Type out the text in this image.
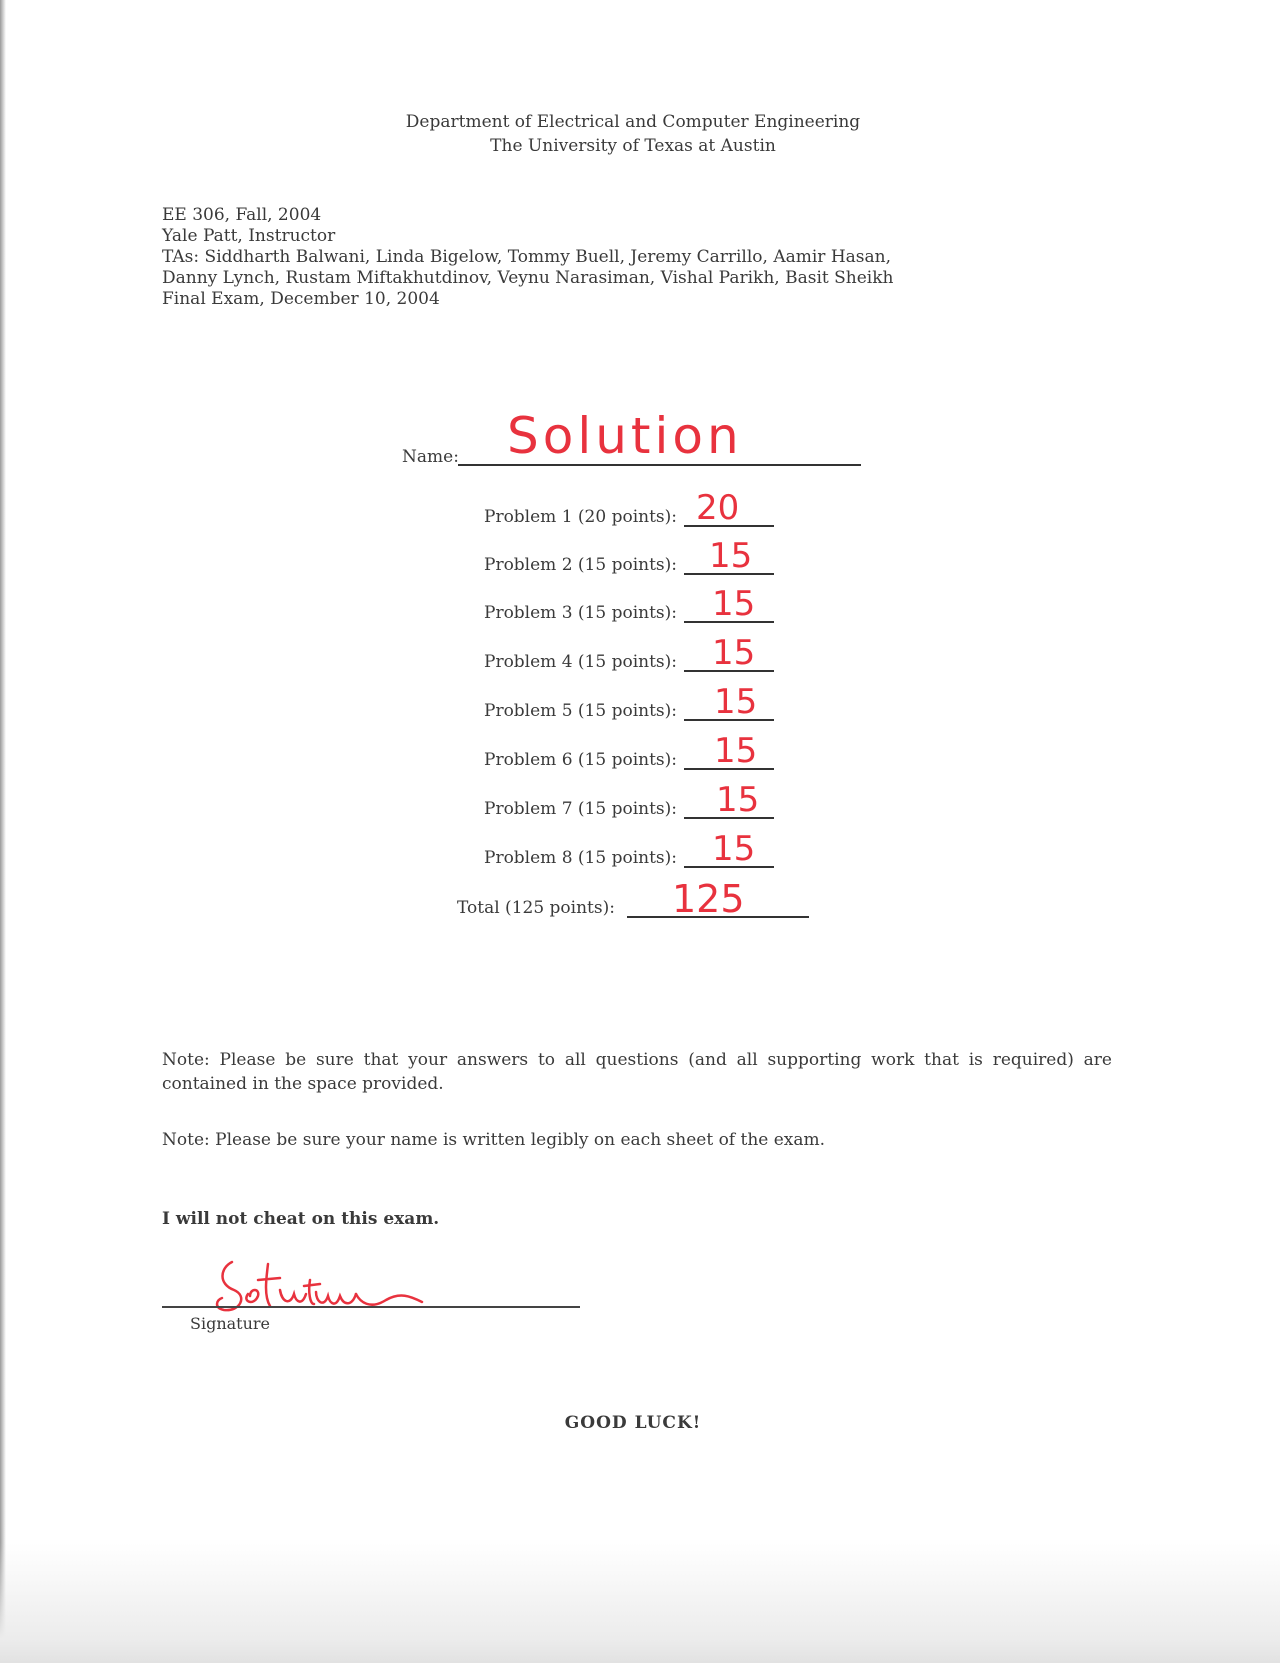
Department of Electrical and Computer Engineering
The University of Texas at Austin
EE 306, Fall, 2004
Yale Patt, Instructor
TAs: Siddharth Balwani, Linda Bigelow, Tommy Buell, Jeremy Carrillo, Aamir Hasan,
Danny Lynch, Rustam Miftakhutdinov, Veynu Narasiman, Vishal Parikh, Basit Sheikh
Final Exam, December 10, 2004
Name: Solution
Problem 1 (20 points): 20
Problem 2 (15 points): 15
Problem 3 (15 points): 15
Problem 4 (15 points): 15
Problem 5 (15 points): 15
Problem 6 (15 points): 15
Problem 7 (15 points): 15
Problem 8 (15 points): 15
Total (125 points): 125
Note: Please be sure that your answers to all questions (and all supporting work that is required) are contained in the space provided.
Note: Please be sure your name is written legibly on each sheet of the exam.
I will not cheat on this exam.
Signature
GOOD LUCK!
